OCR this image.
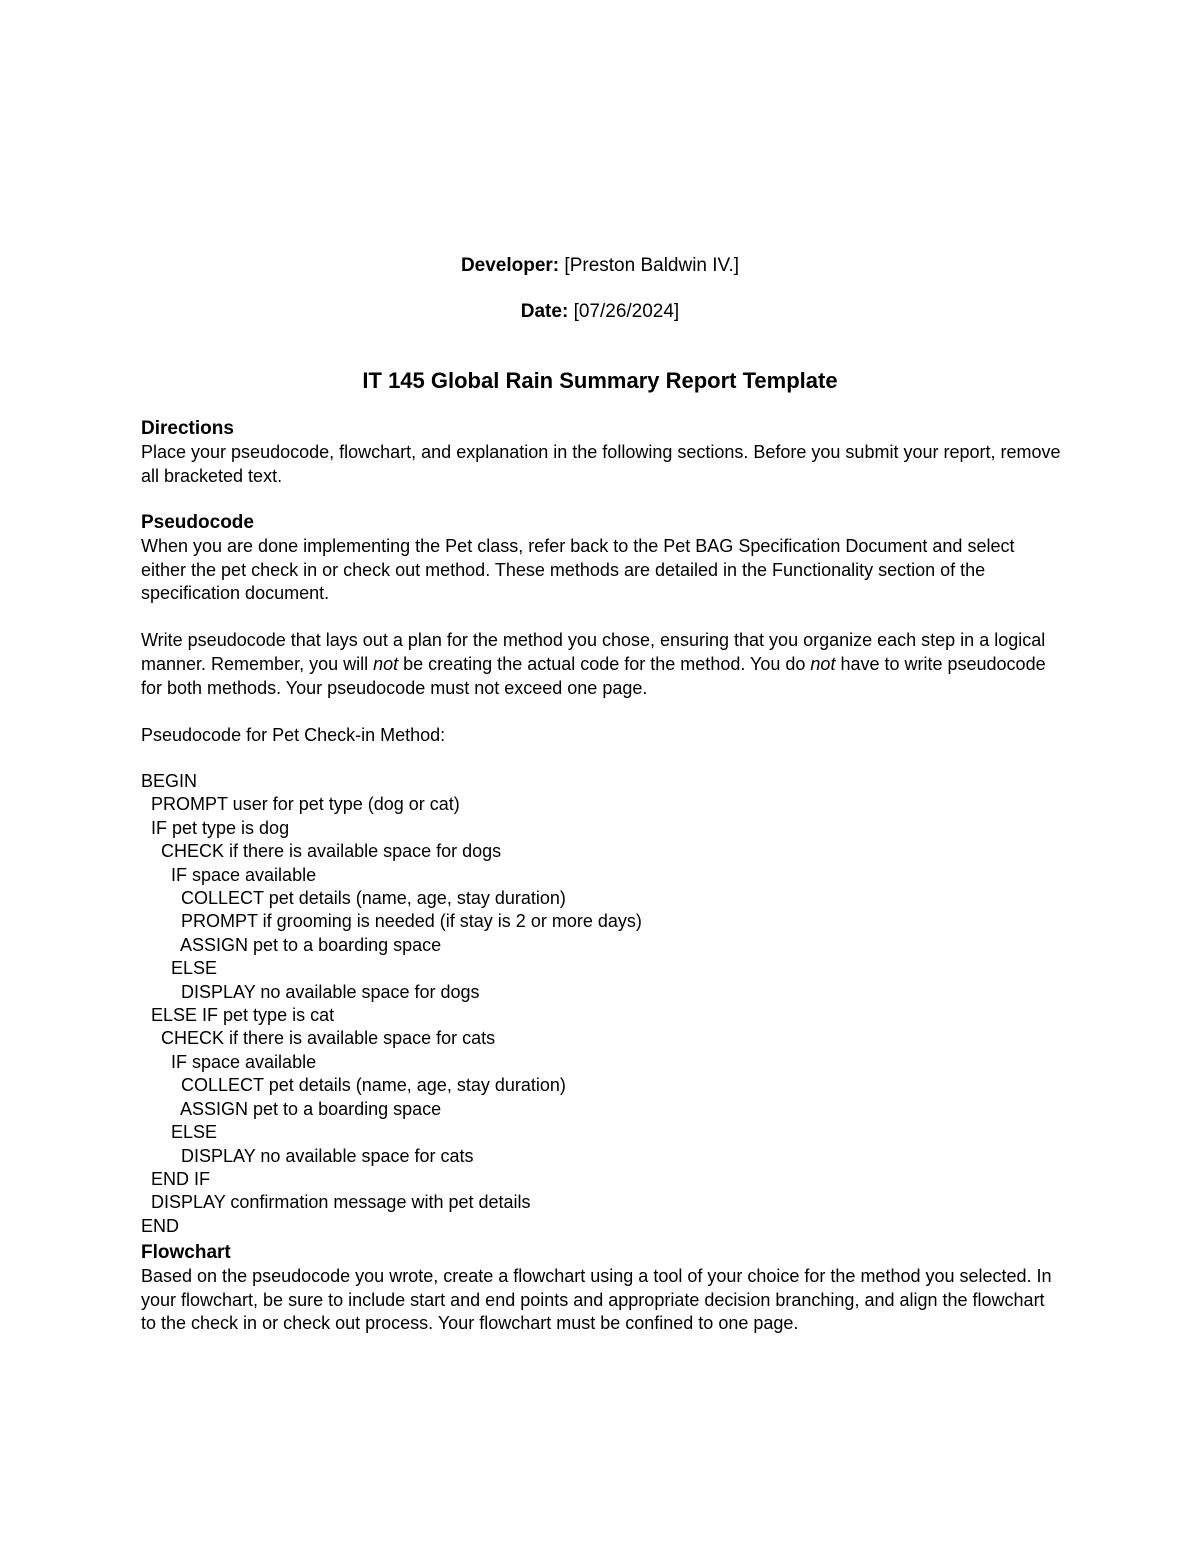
Developer: [Preston Baldwin IV.]
Date: [07/26/2024]
IT 145 Global Rain Summary Report Template
Directions

Place your pseudocode, flowchart, and explanation in the following sections. Before you submit your report, remove all bracketed text.

Pseudocode

When you are done implementing the Pet class, refer back to the Pet BAG Specification Document and select either the pet check in or check out method. These methods are detailed in the Functionality section of the specification document.

Write pseudocode that lays out a plan for the method you chose, ensuring that you organize each step in a logical manner. Remember, you will not be creating the actual code for the method. You do not have to write pseudocode for both methods. Your pseudocode must not exceed one page.

Pseudocode for Pet Check-in Method:

BEGIN
PROMPT user for pet type (dog or cat)
IF pet type is dog
CHECK if there is available space for dogs
IF space available
COLLECT pet details (name, age, stay duration)
PROMPT if grooming is needed (if stay is 2 or more days)
ASSIGN pet to a boarding space
ELSE
DISPLAY no available space for dogs
ELSE IF pet type is cat
CHECK if there is available space for cats
IF space available
COLLECT pet details (name, age, stay duration)
ASSIGN pet to a boarding space
ELSE
DISPLAY no available space for cats
END IF
DISPLAY confirmation message with pet details
END
Flowchart

Based on the pseudocode you wrote, create a flowchart using a tool of your choice for the method you selected. In your flowchart, be sure to include start and end points and appropriate decision branching, and align the flowchart to the check in or check out process. Your flowchart must be confined to one page.
